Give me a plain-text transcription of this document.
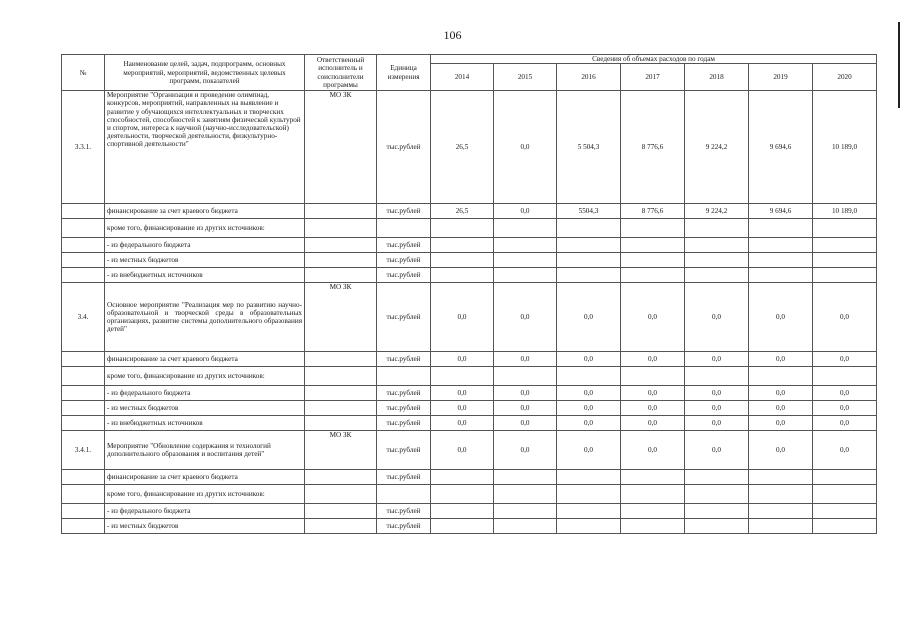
106
№	Наименование целей, задач, подпрограмм, основных мероприятий, мероприятий, ведомственных целевых программ, показателей	Ответственный исполнитель и соисполнители программы	Единица измерения	Сведения об объемах расходов по годам						
				2014	2015	2016	2017	2018	2019	2020
3.3.1.	Мероприятие "Организация и проведение олимпиад, конкурсов, мероприятий, направленных на выявление и развитие у обучающихся интеллектуальных и творческих способностей, способностей к занятиям физической культурой и спортом, интереса к научной (научно-исследовательской) деятельности, творческой деятельности, физкультурно-спортивной деятельности"	МО ЗК	тыс.рублей	26,5	0,0	5 504,3	8 776,6	9 224,2	9 694,6	10 189,0
	финансирование за счет краевого бюджета		тыс.рублей	26,5	0,0	5504,3	8 776,6	9 224,2	9 694,6	10 189,0
	кроме того, финансирование из других источников:									
	- из федерального бюджета		тыс.рублей							
	- из местных бюджетов		тыс.рублей							
	- из внебюджетных источников		тыс.рублей							
3.4.	Основное мероприятие "Реализация мер по развитию научно-образовательной и творческой среды в образовательных организациях, развитие системы дополнительного образования детей"	МО ЗК	тыс.рублей	0,0	0,0	0,0	0,0	0,0	0,0	0,0
	финансирование за счет краевого бюджета		тыс.рублей	0,0	0,0	0,0	0,0	0,0	0,0	0,0
	кроме того, финансирование из других источников:									
	- из федерального бюджета		тыс.рублей	0,0	0,0	0,0	0,0	0,0	0,0	0,0
	- из местных бюджетов		тыс.рублей	0,0	0,0	0,0	0,0	0,0	0,0	0,0
	- из внебюджетных источников		тыс.рублей	0,0	0,0	0,0	0,0	0,0	0,0	0,0
3.4.1.	Мероприятие "Обновление содержания и технологий дополнительного образования и воспитания детей"	МО ЗК	тыс.рублей	0,0	0,0	0,0	0,0	0,0	0,0	0,0
	финансирование за счет краевого бюджета		тыс.рублей							
	кроме того, финансирование из других источников:									
	- из федерального бюджета		тыс.рублей							
	- из местных бюджетов		тыс.рублей							
